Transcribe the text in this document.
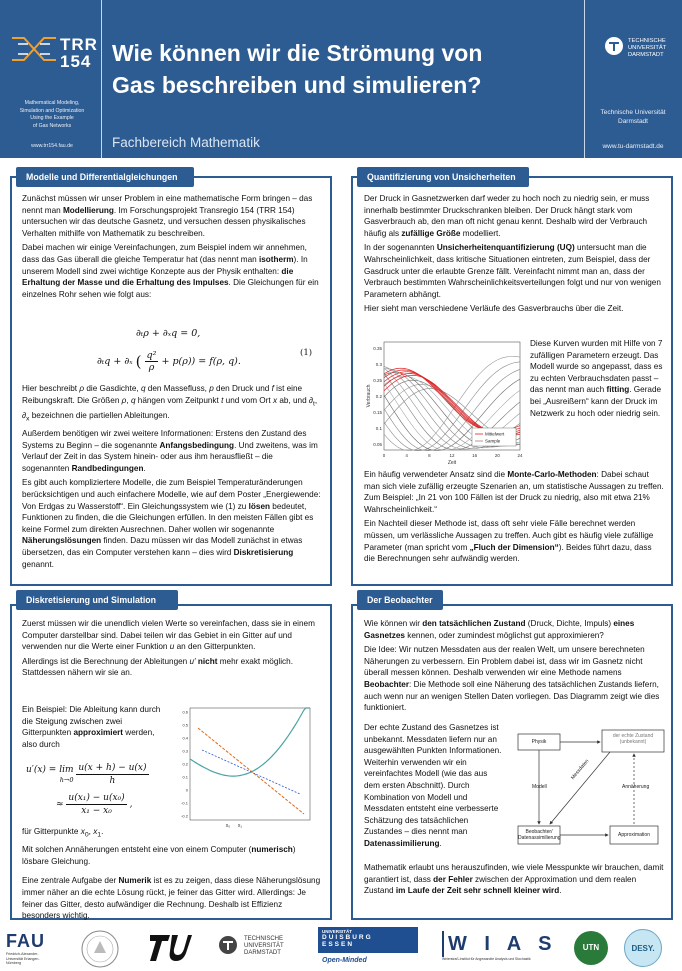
TRR
154
Mathematical Modeling,
Simulation and Optimization
Using the Example
of Gas Networks
www.trr154.fau.de
Wie können wir die Strömung von Gas beschreiben und simulieren?
Fachbereich Mathematik
TECHNISCHE
UNIVERSITÄT
DARMSTADT
Technische Universität
Darmstadt
www.tu-darmstadt.de
Modelle und Differentialgleichungen

Zunächst müssen wir unser Problem in eine mathematische Form bringen – das nennt man Modellierung. Im Forschungsprojekt Transregio 154 (TRR 154) untersuchen wir das deutsche Gasnetz, und versuchen dessen physikalisches Verhalten mithilfe von Mathematik zu beschreiben.

Dabei machen wir einige Vereinfachungen, zum Beispiel indem wir annehmen, dass das Gas überall die gleiche Temperatur hat (das nennt man isotherm). In unserem Modell sind zwei wichtige Konzepte aus der Physik enthalten: die Erhaltung der Masse und die Erhaltung des Impulses. Die Gleichungen für ein einzelnes Rohr sehen wie folgt aus:

∂ₜρ + ∂ₓq = 0,
∂ₜq + ∂ₓ ( $\frac{\text{q²}}{\rho} + p(\rho)) = f(\rho$, q).
(1)

Hier beschreibt ρ die Gasdichte, q den Massefluss, p den Druck und f ist eine Reibungskraft. Die Größen ρ, q hängen vom Zeitpunkt t und vom Ort x ab, und $\partial_t$, $\partial_x$ bezeichnen die partiellen Ableitungen.

Außerdem benötigen wir zwei weitere Informationen: Erstens den Zustand des Systems zu Beginn – die sogenannte Anfangsbedingung. Und zweitens, was im Verlauf der Zeit in das System hinein- oder aus ihm herausfließt – die sogenannten Randbedingungen.

Es gibt auch kompliziertere Modelle, die zum Beispiel Temperaturänderungen berücksichtigen und auch einfachere Modelle, wie auf dem Poster „Energiewende: Von Erdgas zu Wasserstoff“. Ein Gleichungssystem wie (1) zu lösen bedeutet, Funktionen zu finden, die die Gleichungen erfüllen. In den meisten Fällen gibt es keine Formel zum direkten Ausrechnen. Daher wollen wir sogenannte Näherungslösungen finden. Dazu müssen wir das Modell zunächst in etwas übersetzen, das ein Computer verstehen kann – dies wird Diskretisierung genannt.

Quantifizierung von Unsicherheiten

Der Druck in Gasnetzwerken darf weder zu hoch noch zu niedrig sein, er muss innerhalb bestimmter Druckschranken bleiben. Der Druck hängt stark vom Gasverbrauch ab, den man oft nicht genau kennt. Deshalb wird der Verbrauch häufig als zufällige Größe modelliert.

In der sogenannten Unsicherheitenquantifizierung (UQ) untersucht man die Wahrscheinlichkeit, dass kritische Situationen eintreten, zum Beispiel, dass der Gasdruck unter die erlaubte Grenze fällt. Vereinfacht nimmt man an, dass der Verbrauch bestimmten Wahrscheinlichkeitsverteilungen folgt und nur von wenigen Parametern abhängt.

Hier sieht man verschiedene Verläufe des Gasverbrauchs über die Zeit.

0.35
0.3
0.25
0.2
0.15
0.1
0.05
0	4	8	12	16	20	24
Verbrauch
Zeit
Mittelwert
Sample
Diese Kurven wurden mit Hilfe von 7 zufälligen Parametern erzeugt. Das Modell wurde so angepasst, dass es zu echten Verbrauchsdaten passt – das nennt man auch fitting. Gerade bei „Ausreißern“ kann der Druck im Netzwerk zu hoch oder niedrig sein.

Ein häufig verwendeter Ansatz sind die Monte-Carlo-Methoden: Dabei schaut man sich viele zufällig erzeugte Szenarien an, um statistische Aussagen zu treffen. Zum Beispiel: „In 21 von 100 Fällen ist der Druck zu niedrig, also mit etwa 21% Wahrscheinlichkeit.“

Ein Nachteil dieser Methode ist, dass oft sehr viele Fälle berechnet werden müssen, um verlässliche Aussagen zu treffen. Auch gibt es häufig viele zufällige Parameter (man spricht vom „Fluch der Dimension“). Beides führt dazu, dass die Berechnungen sehr aufwändig werden.

Diskretisierung und Simulation

Zuerst müssen wir die unendlich vielen Werte so vereinfachen, dass sie in einem Computer darstellbar sind. Dabei teilen wir das Gebiet in ein Gitter auf und verwenden nur die Werte einer Funktion u an den Gitterpunkten.

Allerdings ist die Berechnung der Ableitungen u′ nicht mehr exakt möglich. Stattdessen nähern wir sie an.

Ein Beispiel: Die Ableitung kann durch die Steigung zwischen zwei Gitterpunkten approximiert werden, also durch
u′(x) = lim
h→0
$\frac{u(x + h) - u(x)}{h}$
≈ $\frac{\text{u(x₁) − u(x₀)}}{\text{x₁ − x₀}}$ ,
0.6
0.5
0.4
0.3
0.2
0.1
0
-0.1
-0.2
x₀ x₁

für Gitterpunkte $x_0$, $x_1$.

Mit solchen Annäherungen entsteht eine von einem Computer (numerisch) lösbare Gleichung.

Eine zentrale Aufgabe der Numerik ist es zu zeigen, dass diese Näherungslösung immer näher an die echte Lösung rückt, je feiner das Gitter wird. Allerdings: Je feiner das Gitter, desto aufwändiger die Rechnung. Deshalb ist Effizienz besonders wichtig.

Der Beobachter

Wie können wir den tatsächlichen Zustand (Druck, Dichte, Impuls) eines Gasnetzes kennen, oder zumindest möglichst gut approximieren?

Die Idee: Wir nutzen Messdaten aus der realen Welt, um unsere berechneten Näherungen zu verbessern. Ein Problem dabei ist, dass wir im Gasnetz nicht überall messen können. Deshalb verwenden wir eine Methode namens Beobachter: Die Methode soll eine Näherung des tatsächlichen Zustands liefern, auch wenn nur an wenigen Stellen Daten vorliegen. Das Diagramm zeigt wie dies funktioniert.

Der echte Zustand des Gasnetzes ist unbekannt. Messdaten liefern nur an ausgewählten Punkten Informationen. Weiterhin verwenden wir ein vereinfachtes Modell (wie das aus dem ersten Abschnitt). Durch Kombination von Modell und Messdaten entsteht eine verbesserte Schätzung des tatsächlichen Zustandes – dies nennt man Datenassimilierung.
Mathematik erlaubt uns herauszufinden, wie viele Messpunkte wir brauchen, damit garantiert ist, dass der Fehler zwischen der Approximation und dem realen Zustand im Laufe der Zeit sehr schnell kleiner wird.
Physik
der echte Zustand (unbekannt)
Messdaten
Modell	Annäherung
Beobachter/ Datenassimilierung	Approximation
FAU
Friedrich-Alexander-Universität Erlangen-Nürnberg
TECHNISCHE
UNIVERSITÄT
DARMSTADT
UNIVERSITÄT
DUISBURG
ESSEN
Open-Minded
W I A S
Weierstraß-Institut für Angewandte Analysis und Stochastik
UTN	DESY.
